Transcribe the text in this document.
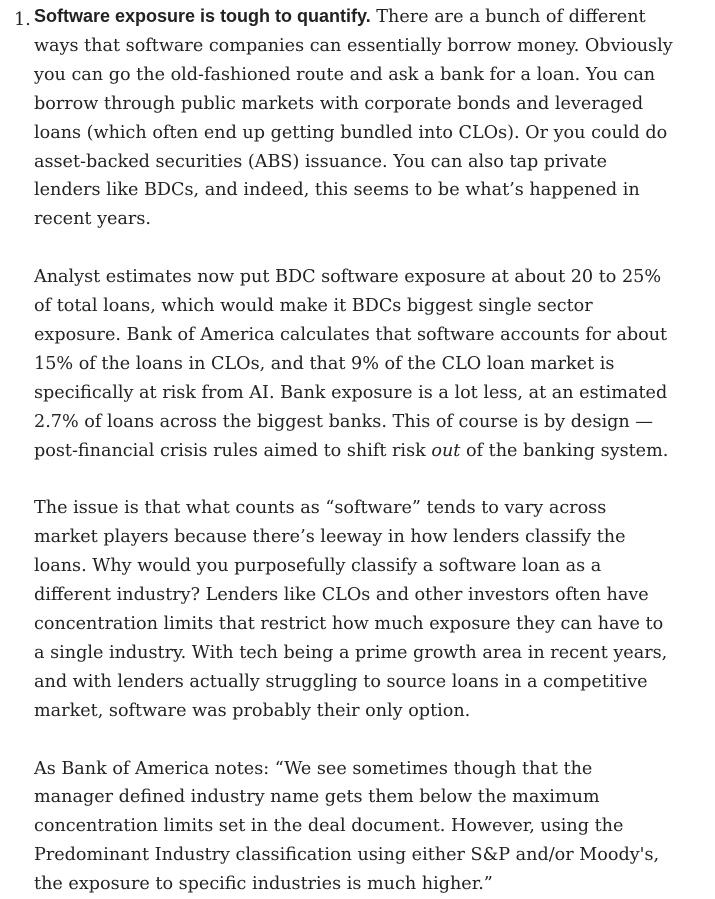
1. Software exposure is tough to quantify. There are a bunch of different ways that software companies can essentially borrow money. Obviously you can go the old-fashioned route and ask a bank for a loan. You can borrow through public markets with corporate bonds and leveraged loans (which often end up getting bundled into CLOs). Or you could do asset-backed securities (ABS) issuance. You can also tap private lenders like BDCs, and indeed, this seems to be what’s happened in recent years.

Analyst estimates now put BDC software exposure at about 20 to 25% of total loans, which would make it BDCs biggest single sector exposure. Bank of America calculates that software accounts for about 15% of the loans in CLOs, and that 9% of the CLO loan market is specifically at risk from AI. Bank exposure is a lot less, at an estimated 2.7% of loans across the biggest banks. This of course is by design — post-financial crisis rules aimed to shift risk out of the banking system.

The issue is that what counts as “software” tends to vary across market players because there’s leeway in how lenders classify the loans. Why would you purposefully classify a software loan as a different industry? Lenders like CLOs and other investors often have concentration limits that restrict how much exposure they can have to a single industry. With tech being a prime growth area in recent years, and with lenders actually struggling to source loans in a competitive market, software was probably their only option.

As Bank of America notes: “We see sometimes though that the manager defined industry name gets them below the maximum concentration limits set in the deal document. However, using the Predominant Industry classification using either S&P and/or Moody's, the exposure to specific industries is much higher.”
